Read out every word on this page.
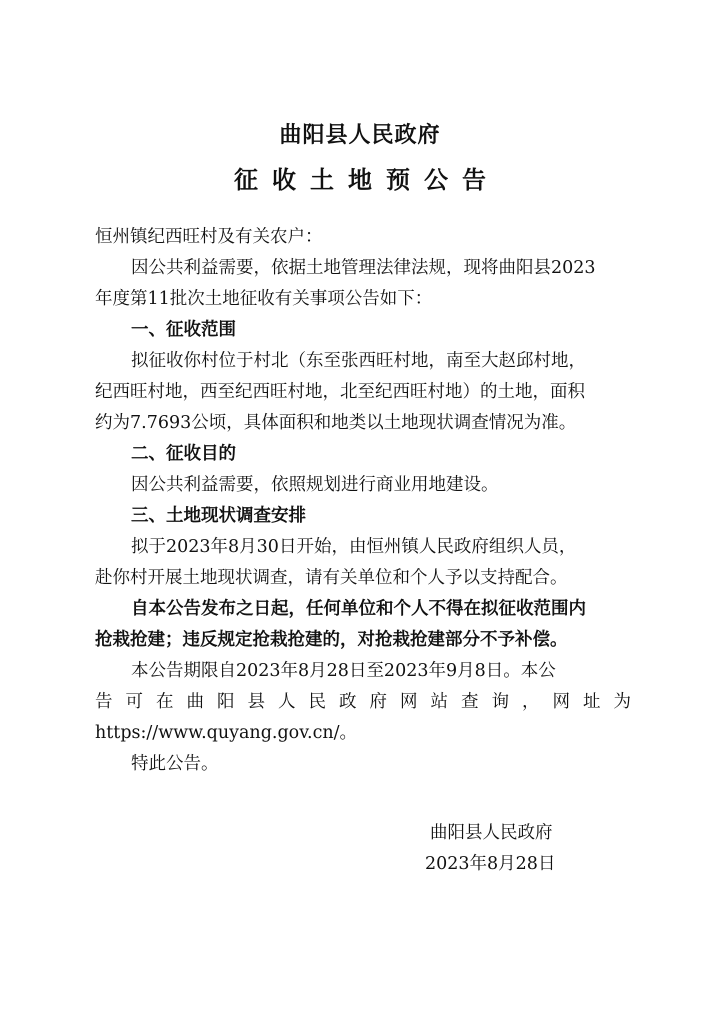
曲阳县人民政府
征收土地预公告
恒州镇纪西旺村及有关农户：
因公共利益需要，依据土地管理法律法规，现将曲阳县2023
年度第11批次土地征收有关事项公告如下：
一、征收范围
拟征收你村位于村北（东至张西旺村地，南至大赵邱村地，
纪西旺村地，西至纪西旺村地，北至纪西旺村地）的土地，面积
约为7.7693公顷，具体面积和地类以土地现状调查情况为准。
二、征收目的
因公共利益需要，依照规划进行商业用地建设。
三、土地现状调查安排
拟于2023年8月30日开始，由恒州镇人民政府组织人员，
赴你村开展土地现状调查，请有关单位和个人予以支持配合。
自本公告发布之日起，任何单位和个人不得在拟征收范围内
抢栽抢建；违反规定抢栽抢建的，对抢栽抢建部分不予补偿。
本公告期限自2023年8月28日至2023年9月8日。本公
告可在曲阳县人民政府网站查询，网址为
https://www.quyang.gov.cn/。
特此公告。
曲阳县人民政府
2023年8月28日
